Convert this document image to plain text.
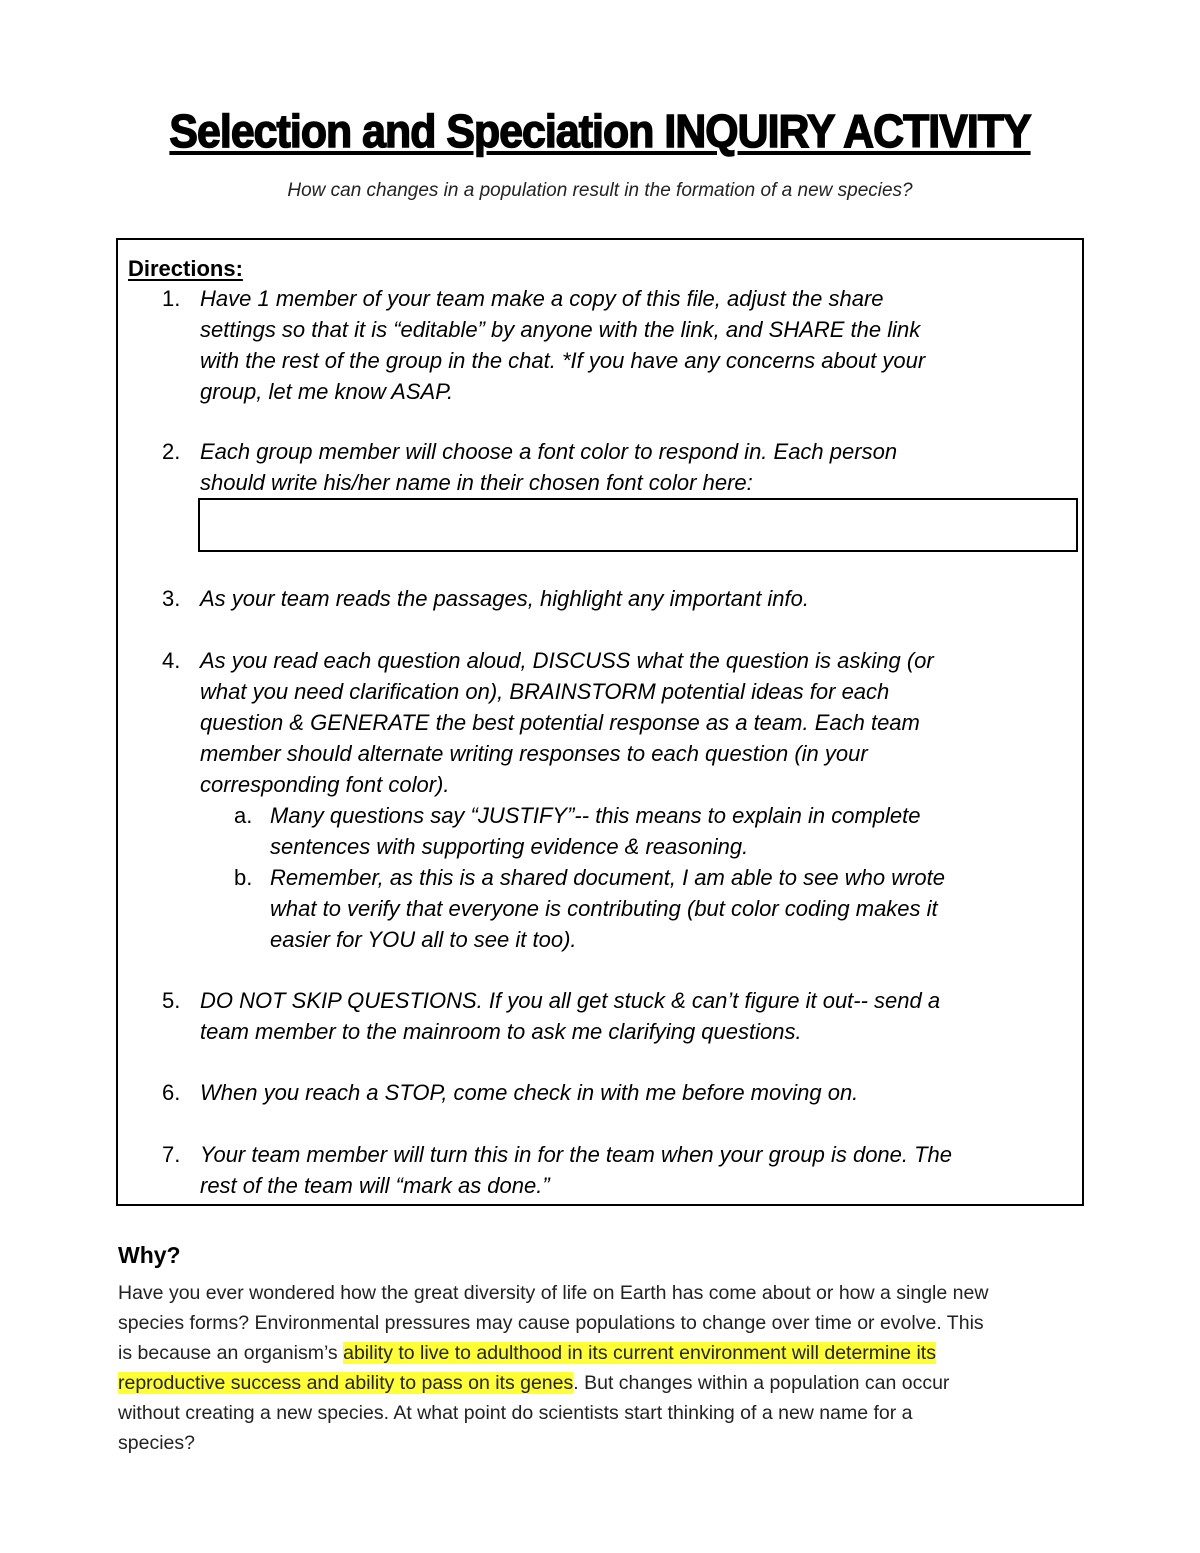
Selection and Speciation INQUIRY ACTIVITY
How can changes in a population result in the formation of a new species?
Directions:
1. Have 1 member of your team make a copy of this file, adjust the share
settings so that it is “editable” by anyone with the link, and SHARE the link
with the rest of the group in the chat. *If you have any concerns about your
group, let me know ASAP.
2. Each group member will choose a font color to respond in. Each person
should write his/her name in their chosen font color here:
3. As your team reads the passages, highlight any important info.
4. As you read each question aloud, DISCUSS what the question is asking (or
what you need clarification on), BRAINSTORM potential ideas for each
question & GENERATE the best potential response as a team. Each team
member should alternate writing responses to each question (in your
corresponding font color).
a. Many questions say “JUSTIFY”-- this means to explain in complete
sentences with supporting evidence & reasoning.
b. Remember, as this is a shared document, I am able to see who wrote
what to verify that everyone is contributing (but color coding makes it
easier for YOU all to see it too).
5. DO NOT SKIP QUESTIONS. If you all get stuck & can’t figure it out-- send a
team member to the mainroom to ask me clarifying questions.
6. When you reach a STOP, come check in with me before moving on.
7. Your team member will turn this in for the team when your group is done. The
rest of the team will “mark as done.”
Why?
Have you ever wondered how the great diversity of life on Earth has come about or how a single new
species forms? Environmental pressures may cause populations to change over time or evolve. This
is because an organism’s ability to live to adulthood in its current environment will determine its
reproductive success and ability to pass on its genes. But changes within a population can occur
without creating a new species. At what point do scientists start thinking of a new name for a
species?
